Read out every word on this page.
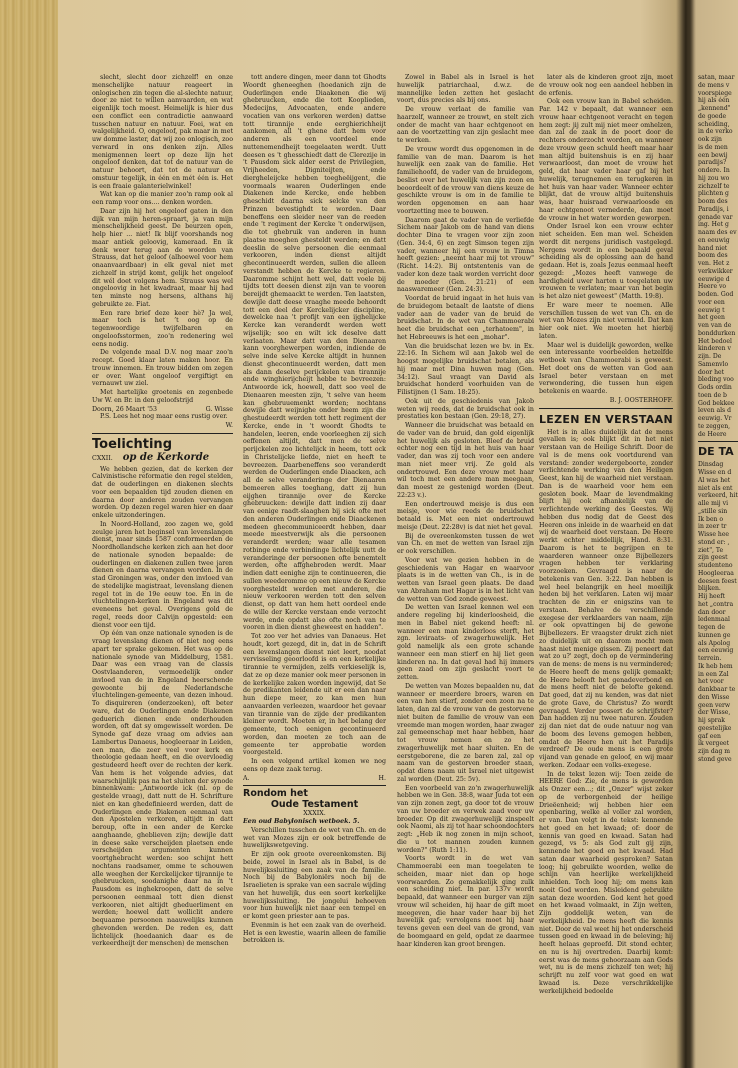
slecht, slecht door zichzelf! en onze menschelijke natuur reageert in onlogischen zin tegen die al-slechte natuur, door ze niet te willen aanvaarden, en wat eigenlijk toch moest. Heimelijk is hier dus een conflict een contradictie aanwaard tusschen natuur en natuur. Foei, wat en walgelijkheid. O, ongeloof, pak maar in met uw domme laster, dat wij zoo onlogisch, zoo verward in ons denken zijn. Alles menigmennen leert op deze lijn het ongeloof denken, dat tot de natuur van de natuur behoort, dat tot de natuur en omstuur tegelijk, in één en mét één is. Het is een fraaie galanterielwinkel!

Wat kan op die manier zoo'n ramp ook al een ramp voor ons.... denken worden.

Daar zijn hij het ongeloof gaten in den dijk van mijn heren-spraart, ja van mijn menschelijkheid geest. De beurzen open, help hier ... niet! Ik blijf voorshands nog maar antiek geloovig, kameraad. En ik denk weer terug aan de woorden van Strauss, dat het geloof (alhoewel voor hem onaanvaardbaar) in elk geval niet met zichzelf in strijd komt, gelijk het ongeloof dit wél doet volgens hem. Strauss was wel ongeloovig in het kwadraat, maar hij had ten minste nog hersens, althans hij gebruikte ze. Fiat.

Een rare brief deze keer hè? Ja wel, maar toch is het ’t oog op de tegenwoordige twijfelbaren en ongeloofsstormen, zoo'n redenering wel eens nodig.

De volgende maal D.V. nog maar zoo'n recept. Goed klaar laten maken hoor. En trouw innemen. En trouw bidden om zegen er over. Want ongeloof vergiftigt en vernauwt uw ziel.

Met hartelijke groetenis en zegenbede Uw W. en Br. in den geloofstrijd

Doorn, 26 Maart '53	G. Wisse

P.S. Lees het nog maar eens rustig over.

W.
Toelichting
CXXII. op de Kerkorde

We hebben gezien, dat de kerken der Calvinistische reformatie den regel stelden, dat de ouderlingen en diakenen slechts voor een bepaalden tijd zouden dienen en daarna door anderen zouden vervangen worden. Op dezen regel waren hier en daar enkele uitzonderingen.

In Noord-Holland, zoo zagen we, gold zeulge jaren het beginsel van levenslangen dienst, maar sinds 1587 conformeerden de Noordhollandsche kerken zich aan het door de nationale synoden bepaalde: de ouderlingen en diakenen zullen twee jaren dienen en daarna vervangen worden. In de stad Groningen was, onder den invloed van de stedelijke magistraat, levenslang dienen regel tot in de 19e eeuw toe. En in de vluchtelingen-kerken in Engeland was dit eveneens het geval. Overigens gold de regel, reeds door Calvijn opgesteld: een dienst voor een tijd.

Op één van onze nationale synoden is de vraag levenslang dienen of niet nog eens apart ter sprake gekomen. Het was op de nationale synode van Middelburg, 1581. Daar was een vraag van de classis Oostvlaanderen, vermoedelijk onder invloed van de in Engeland heerschende gewoonte bij de Nederlandsche vluchtelingen-gemeente, van dezen inhoud. To disquireren (onderzoeken), oft beter ware, dat de Ouderlingen ende Diakenen geduerich dienen ende onderhouden worden, oft dat sy omgewisselt worden. De Synode gaf deze vraag om advies aan Lambertus Danaeus, hoogleeraar in Leiden, een man, die zeer veel voor kerk en theologie gedaan heeft, en die overvloedig gestudeerd heeft over de rechten der kerk. Van hem is het volgende advies, dat waarschijnlijk pas na het sluiten der synode binnenkwam: „Antwoorde ick (nl. op de gestelde vraag), datt nutt de H. Schrifture niet en kan ghedefinieerd werden, datt de Ouderlingen ende Diakenen eenmaal van den Apostelen verkoren, altijdt in datt beroup, ofte in een ander de Kercke aanghaande, gheblieven zijn; dewijle datt in deese sake verscheijden plaetsen ende verscheijden argumenten kunnen voortghebracht werden: soo schijnt hett nochtans raadsamer, omme te schouwen alle weeghen der Kerckelijcker tijrannije te ghebruucken, soodanighe daar na in 't Pausdom es inghekroopen, datt de selve persoonen eenmaal tott dien dienst verkooren, niet altijdt gheduerliment en werden; hoewel datt wolliclit andere bequaame persoonen naauwelijks kunnen ghevonden werden. De reden es, datt lichtelijck (hoedaanich daar es de verkeerdheijt der menschen) de menschen

tott andere dingen, meer dann tot Ghodts Woordt gheneeghen (hoedanich zijn de Ouderlingen ende Diaakenen die wij ghebruucken, ende die tott Kooplieden, Medecijns, Advocaaten, ende andere vocatien van ons verkoren werden) dattse tott tirannije ende eerghierichheijt aankomen, all 't ghene datt hem voor anderen als een voordeel ende nuttenemendheijt toegelaaten werdt. Uutt deesen es 't ghesschiedt datt de Clerezije in 't Pausdom sick alder eerst de Privilegien, Vrijheeden, Digniteijten, ende diergheleijcke hebben toegheëijgent, die voormaals waaren Ouderlingen ende Diakenen inde Kercke, ende hebben gheschidt daarna sick selcke van den Prinzen bevestighdt te worden. Daar beneffens een sleider neer van de reeden ende 't regiment der Kercke 't onderwijsen, die tot ghebruik van anderen in hunn plaatse moeghen ghesteldt werden; en datt deeslin de selve persoonen die eenmaal verkooren, inden dienst altijdt ghecontinueerdt werden, sullen die alleen verstandt hebben de Kercke te regieren. Daaromme schijnt hett wel, datt voele bij tijdts tott deesen dienst zijn van te vooren bereijdt ghemaackt te werden. Ten laatsten, dewijle datt deese vraaghe meede behoordt tott een deel der Kerckelijcker discipline, dewelcke naa 't profijt van een ijghelijcke Kercke kan veranderdt werden wett wijselijk; soo en wilt ick deselve datt verlaaten. Maar datt van den Dienaaren kann voorghewerpen worden, indiende de selve inde selve Kercke altijdt in hunnen dienst ghecontinueerdt werden, datt men als dann deselve perijckelen van tirannije ende winghierijcheijt hebbe te bevreezen: Antwoorde ick, hoewell, datt soo veel de Dienaaren meesten zijn, 't selve van heem kan ghebruuemenkt worden; nochtans dewijle datt weijnighe onder heem zijn die ghestudeerdt werden tott hett regiment der Kercke, ende in 't woordt Ghodts te handelen, leeren, ende voorleeghen zij sich oeffenen altijdt, datt men de selve perijckelen zoo lichtelijck in heem, tott ock in Christelijcke liefde, niet en heeft te bevreezen. Daarbeneffens soo veranderdt werden de Ouderlingen ende Diaacken, ach all de selve veranderinge der Dienaaren bemeeren alles toeghang, datt zij hun eijghen tirannije over de Kercke ghebruucken: dewijle datt indien zij daar van eenige raadt-slaaghen bij sick ofte met den anderen Ouderlingen ende Diaackenen medeen ghecommuniceerdt hebben, daar meede meestverwijk als die persoonen veranderdt werden; waar alle tesamen rotbinge ende verbindinge lichtelijk uutt de veranderinge der persoonen ofte benemtelt werden, ofte affghebroden werdt. Maar indien datt eenighe zijn te continueeren, die sullen weederomme op een nieuw de Kercke voorghesteldt werden met anderen, die nieuw verkooren werden tott den selven dienst, op datt van hem hett oordeel ende de wille der Kercke verstaan ende verzocht werde, ende opdatt also ofte noch van te vooren in dien dienst gheweest en hadden".

Tot zoo ver het advies van Danaeus. Het houdt, kort gezegd, dit in, dat in de Schrift een levenslangen dienst niet leert, noodat vervisseling geoorloofd is en een kerkelijke tirannie te vermijden, zelfs verkieselijk is, dat ze op deze manier ook meer personen in de kerkelijke zaken worden ingewijd, dat Se de predikanten leidende uit er een dan naar hun diepe meer, zo kan men hun aanvaarden verleezen, waardoor het gevaar van tirannie van de zijde der predikanten kleiner wordt. Moeten er, in het belang der gemeente, toch eenigen gecontinueerd worden, dan moeten ze toch aan de gemeente ter approbatie worden voorgesteld.

In een volgend artikel komen we nog eens op deze zaak terug.

A.	H.
Rondom het
Oude Testament
XXXIX.

Een oud Babylonisch wetboek. 5.

Verschillen tusschen de wet van Ch. en de wet van Mozes zijn er ook betreffende de huwelijkswetgeving.

Er zijn ook groote overeenkomsten. Bij beide, zowel in Israel als in Babel, is de huwelijkssluiting een zaak van de familie. Noch bij de Babyloniërs noch bij de Israelieten is sprake van een sacrale wijding van het huwelijk, dus een soort kerkelijke huwelijkssluiting. De jongelui behoeven voor hun huwelijk niet naar een tempel en er komt geen priester aan te pas.

Evenmin is het een zaak van de overheid. Het is een kwestie, waarin alleen de familie betrokken is.

Zowel in Babel als in Israel is het huwelijk patriarchaal, d.w.z. de mannelijke leden zetten het geslacht voort, dus precies als bij ons.

De vrouw verlaat de familie van haarzelf, wanneer ze trouwt, en stelt zich onder de macht van haar echtgenoot en aan de voortzetting van zijn geslacht mee te werken.

De vrouw wordt dus opgenomen in de familie van de man. Daarom is het huwelijk een zaak van de familie. Het familiehoofd, de vader van de bruidegom, beslist over het huwelijk van zijn zoon en beoordeelt of de vrouw van diens keuze de geschikte vrouw is om in de familie te worden opgenomen en aan haar voortzetting mee te bouwen.

Daarom gaat de vader van de verliefde Sichem naar Jakob om de hand van diens dochter Dina te vragen voor zijn zoon (Gen. 34:4, 6) en zegt Simson tegen zijn vader, wanneer hij een vrouw in Timna heeft gezien: „neemt haar mij tot vrouw" (Richt. 14:2). Bij ontstentenis van de vader kon deze taak worden verricht door de moeder (Gen. 21:21) of een naaswaremeer (Gen. 24:3).

Voordat de bruid ingaat in het huis van de bruidegom betaalt de laatste of diens vader aan de vader van de bruid de bruidschat. In de wet van Chammoerabi heet die bruidschat een „terhatoem", in het Hebreeuws is het een „mohar".

Van die bruidschat lezen we bv. in Ex. 22:16. In Sichem wil aan Jakob wel de hoogst mogelijke bruidschat betalen, als hij maar met Dina huwen mag (Gen. 34:12). Saul vraagt van David als bruidschat honderd voorhuiden van de Filistijnen (1 Sam. 18:25).

Ook uit de geschiedenis van Jakob weten wij reeds, dat de bruidschat ook in prestaties kon bestaan (Gen. 29:18, 27).

Wanneer die bruidschat was betaald en de vader van de bruid, dan gold eigenlijk het huwelijk als gesloten. Bleef de bruid echter nog een tijd in het huis van haar vader, dan was zij toch voor een andere man niet meer vrij. Ze gold als ondertrouwd. Een deze vrouw met haar wil toch met een andere man meegaan, dan moest ze gestenigd worden (Deut. 22:23 v.).

Een ondertrouwd meisje is dus een meisje, voor wie reeds de bruidschat betaald is. Met een niet ondertrouwd meisje (Deut. 22:28v) is dat niet het geval.

Bij de overeenkomsten tussen de wet van Ch. en met de wetten van Israel zijn er ook verschillen.

Voor wat we gezien hebben in de geschiedenis van Hagar en waarvoor plaats is in de wetten van Ch., is in de wetten van Israel geen plaats. De daad van Abraham met Hagar is in het licht van de wetten van God zonde geweest.

De wetten van Israel kennen wel een andere regeling bij kinderloosheid, die men in Babel niet gekend heeft: nl. wanneer een man kinderloos sterft, het zgn. leviraats- of zwagerhuwelijk. Het gold namelijk als een grote schande wanneer een man stierf en hij liet geen kinderen na. In dat geval had hij immers geen zaad om zijn geslacht voort te zetten.

De wetten van Mozes bepaalden nu, dat wanneer er meerdere broers, waren en een van hen stierf, zonder een zoon na te laten, dan zal de vrouw van de gestorvene niet buiten de familie de vrouw van een vreemde man mogen worden, haar zwager zal gemeenschap met haar hebben, haar tot vrouw nemen en zo het zwagerhuwelijk met haar sluiten. En de eerstgeborene, die ze baren zal, zal op naam van de gestorven broeder staan, opdat diens naam uit Israel niet uitgewist zal worden (Deut. 25: 5v).

Een voorbeeld van zo'n zwagerhuwelijk hebben we in Gen. 38:8, waar Juda tot een van zijn zonen zegt, ga door tot de vrouw van uw broeder en verwek zaad voor uw broeder. Op dit zwagerhuwelijk zinspeelt ook Naomi, als zij tot haar schoondochters zegt: „Heb ik nog zonen in mijn schoot, die u tot mannen zouden kunnen worden?" (Ruth 1:11).

Voorts wordt in de wet van Chammoerabi een man toegelaten te scheiden, maar niet dan op hoge voorwaarden. Zo gemakkelijk ging zulk een scheiding niet. In par. 137v wordt bepaald, dat wanneer een burger van zijn vrouw wil scheiden, hij haar de gift moet meegeven, die haar vader haar bij het huwelijk gaf; vervolgens moet hij haar tevens geven een deel van de grond, van de boomgaard en geld, opdat ze daarmee haar kinderen kan groot brengen.

later als de kinderen groot zijn, moet de vrouw ook nog een aandeel hebben in de erfenis.

Ook een vrouw kan in Babel scheiden. Par. 142 v bepaalt, dat wanneer een vrouw haar echtgenoot veracht en tegen hem zegt: jij zult mij niet meer omhelzen, dan zal de zaak in de poort door de rechters onderzocht worden, en wanneer deze vrouw geen schuld heeft maar haar man altijd buitenshuis is en zij haar verwaarloost, dan moet de vrouw het geld, dat haar vader haar gaf bij het huwelijk, terugnemen en terugkeren in het huis van haar vader. Wanneer echter blijkt, dat de vrouw altijd buitenshuis was, haar huisraad verwaarloosde en haar echtgenoot vernederde, dan moet de vrouw in het water worden geworpen.

Onder Israel kon een vrouw echter niet scheiden. Een man wel. Scheiden wordt dit nergens juridisch vastgelegd. Nergens wordt in een bepaald geval scheiding als de oplossing aan de hand gedaan. Het is, zoals Jezus eenmaal heeft gezegd: „Mozes heeft vanwege de hardigheid uwer harten u toegelaten uw vrouwen te verlaten; maar van het begin is het alzo niet geweest" (Matth. 19:8).

Er ware meer te noemen. Alle verschillen tussen de wet van Ch. en de wet van Mozes zijn niet vermeld. Dat kan hier ook niet. We moeten het hierbij laten.

Maar wel is duidelijk geworden, welke een interessante voorbeelden hetzelfde wetboek van Chammoerabi is geweest. Het doet ons de wetten van God aan Israel beter verstaan en met verwondering, die tussen hun eigen betekenis en waarde.

B. J. OOSTERHOFF.
LEZEN EN VERSTAAN

Het is in alles duidelijk dat de mens gevallen is; ook blijkt dit in het niet verstaan van de Heilige Schrift. Door de val is de mens ook voortdurend van verstand: zonder wedergeboorte, zonder verlichtende werking van den Heiligen Geest, kan hij de waarheid niet verstaan. Dan is de waarheid voor hem een gesloten boek. Maar de levendmaking blijft hij ook afhankelijk van de verlichtende werking des Geestes. Wij hebben dus nodig dat de Geest des Heeren ons inleide in de waarheid en dat wij de waarheid doet verstaan. De Heere werkt echter middellijk, Hand. 8:31. Daarom is het te begrijpen en te waarderen wanneer onze Bijbellezers vragen hebben ter verklaring voorzoeken. Gevraagd is naar de betekenis van Gen. 3:22. Dan hebben is wel heel belangrijk en heel moeilijk heden bij het verklaren. Laten wij maar trachten de zin er enigszins van te verstaan. Behalve de verschillende exegese der verklaarders van naam, zijn er ook opvattingen bij de gewone Bijbellezers. Er vraagster drukt zich niet zo duidelijk uit en daarom mocht men haast niet menige gissen. Zij peneert dat wat zo u?' zegt, doch op de vermindering van de mens: de mens is nu vermindered; de Heere heeft de mens gelijk gemaakt; de Heere belooft het genadeverbond en de mens heeft niet de belofte gekend. Dat goed, dat zij nu kenden, was dat niet de grote Gave, de Christus? Zo wordt gevraagd. Verder possert de schrijfster? Dan hadden zij nu twee naturen. Zouden zij dan niet dat de oude natuur nog van de boom des levens gemogen hebben, omdat de Heere hen uit het Paradijs verdreef? De oude mens is een grote vijand van genade en geloof, en wij maar werken. Zodaar een volks-exegese.

In de tekst lezen wij: Toen zeide de HEERE God: Zie, de mens is geworden als Onzer een...; dit „Onzer" wijst zeker op de verborgenheid der heilige Drieëenheid; wij hebben hier een openbaring, welke al voller zal worden, er van. Dan volgt in de tekst: kennende het goed en het kwaad; of: door de kennis van goed en kwaad. Satan had gezegd, vs 5: als God zult gij zijn, kennende het goed en het kwaad. Had satan daar waarheid gesproken? Satan loog; hij gebruikte woorden, welke de schijn van heerlijke werkelijkheid inhielden. Toch loog hij; om mens kan nooit God worden. Misleidend gebruikte satan deze woorden. God kent het goed en het kwaad volmaakt, in Zijn wetten, Zijn goddelijk weten, van de werkelijkheid. De mens heeft die kennis niet. Door de val weet hij het onderscheid tussen goed en kwaad in de beleving; hij heeft helaas geproefd. Dit stond echter, en nu is hij overtreden. Daarbij komt: eerst was de mens gehoorzaam aan Gods wet, nu is de mens zichzelf ten wet; hij schrijft nu zelf voor wat goed en wat kwaad is. Deze verschrikkelijke werkelijkheid bedoelde

satan, maar
de mens v
voorspiege
hij als één
„kennend"
de goede
scheiding,
in de verko
ook zijn
is de men
een bewij
paradijs?
ondere. In
hij zou wo
zichzelf te
plichten g
boom des
Paradijs, i
genade var
ing. Het g
naam des ev
en eeuwig
hand niet
boom des
ven. Het z
verkwikker
eeuwige d
Heere vo
boden. God
voor een
eeuwig t
het geen
ven van de
bonddurken
Het bedoel
kinderen v
zijn. De
Samenvlo
door het
bleding voo
Gods ordin
toen de b
God bekkee
leven als d
eeuwig. Vr
te zeggen,
de Heere
DE TA
Dinsdag
Wisse en d
Al was het
niet als ent
verkeerd, hit
alle mij vi
„stille sin
Ik ben o
in zeer tr
Wisse hee
stond er: ,
ziet", Te
zijn geest
studenteno
Hoogleeraa
deesen feest
blijken.
Hij heeft
het „contra
dan door
ledenmaal
tegen de
kunnen ge
als Apolog
een eeuwig
terrein.
Ik heb hem
in een Zal
het voor
dankbaar te
den Wisse
geen verw
der Wisse,
hij sprak
geestelijke
gaf een
ik vergeet
zijn dag m
stond geve
